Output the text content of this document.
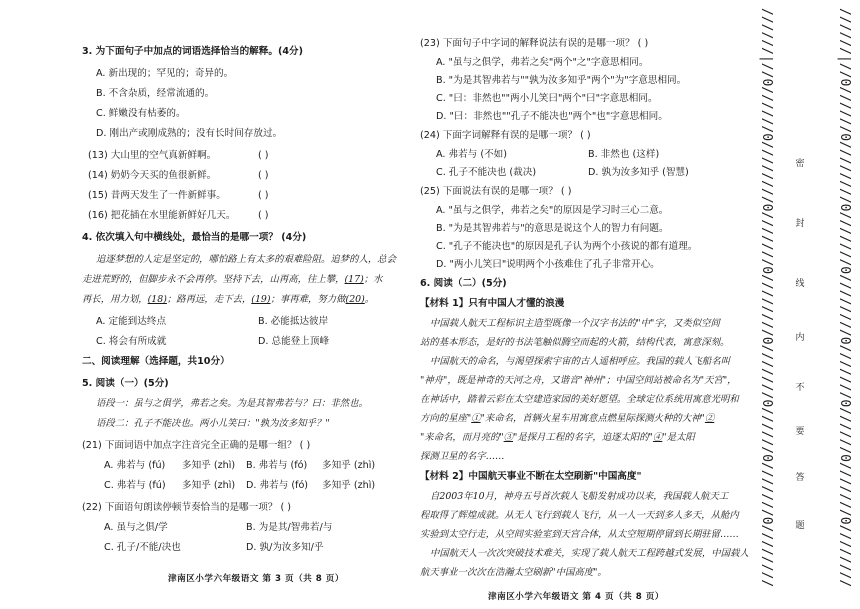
3. 为下面句子中加点的词语选择恰当的解释。(4分)
A. 新出现的；罕见的；奇异的。
B. 不含杂质，经常流通的。
C. 鲜嫩没有枯萎的。
D. 刚出产或刚成熟的；没有长时间存放过。
(13) 大山里的空气真新鲜啊。	( )
(14) 奶奶今天买的鱼很新鲜。	( )
(15) 昔两天发生了一件新鲜事。	( )
(16) 把花插在水里能新鲜好几天。 ( )
4. 依次填入句中横线处，最恰当的是哪一项？ (4分)
追逐梦想的人定是坚定的，哪怕路上有太多的艰难险阻。追梦的人，总会
走进荒野的，但脚步永不会再停。坚持下去，山再高，往上攀，(17)；水
再长，用力划，(18)；路再远，走下去，(19)；事再难，努力做(20)。
A. 定能到达终点	B. 必能抵达彼岸
C. 将会有所成就	D. 总能登上顶峰
二、阅读理解（选择题，共10分）
5. 阅读（一）(5分)
语段一：虽与之俱学，弗若之矣。为是其智弗若与？曰：非然也。
语段二：孔子不能决也。两小儿笑曰："孰为汝多知乎？"
(21) 下面词语中加点字注音完全正确的是哪一组？ ( )
A. 弗若与 (fú) 多知乎 (zhì) B. 弗若与 (fó) 多知乎 (zhì)
C. 弗若与 (fú) 多知乎 (zhì) D. 弗若与 (fó) 多知乎 (zhì)
(22) 下面语句朗读停顿节奏恰当的是哪一项？ ( )
A. 虽与之俱/学	B. 为是其/智弗若/与
C. 孔子/不能/决也	D. 孰/为汝多知/乎
津南区小学六年级语文 第 3 页（共 8 页）
(23) 下面句子中字词的解释说法有误的是哪一项？ ( )
A. "虽与之俱学，弗若之矣"两个"之"字意思相同。
B. "为是其智弗若与""孰为汝多知乎"两个"为"字意思相同。
C. "曰：非然也""两小儿笑曰"两个"曰"字意思相同。
D. "曰：非然也""孔子不能决也"两个"也"字意思相同。
(24) 下面字词解释有误的是哪一项？ ( )
A. 弗若与 (不如)	B. 非然也 (这样)
C. 孔子不能决也 (裁决)	D. 孰为汝多知乎 (智慧)
(25) 下面说法有误的是哪一项？ ( )
A. "虽与之俱学，弗若之矣"的原因是学习时三心二意。
B. "为是其智弗若与"的意思是说这个人的智力有问题。
C. "孔子不能决也"的原因是孔子认为两个小孩说的都有道理。
D. "两小儿笑曰"说明两个小孩难住了孔子非常开心。
6. 阅读（二）(5分)
【材料 1】只有中国人才懂的浪漫
中国载人航天工程标识主造型既像一个汉字书法的"中"字，又类似空间
站的基本形态，是好的书法笔触似腾空而起的火箭，结构代表，寓意深刻。
中国航天的命名，与渴望探索宇宙的古人遥相呼应。我国的载人飞船名叫
"神舟"，既是神奇的天河之舟，又谐音"神州"；中国空间站被命名为"天宫"，
在神话中，踏着云彩在太空建造家园的美好愿望。全球定位系统用寓意光明和
方向的星座"①"来命名，首辆火星车用寓意点燃星际探测火种的大神"②
"来命名，而月亮的"③"是探月工程的名字，追逐太阳的"④"是太阳
探测卫星的名字……
【材料 2】中国航天事业不断在太空刷新"中国高度"
自2003年10月，神舟五号首次载人飞船发射成功以来，我国载人航天工
程取得了辉煌成就。从无人飞行到载人飞行，从一人一天到多人多天，从舱内
实验到太空行走，从空间实验室到天宫合体，从太空短期停留到长期驻留……
中国航天人一次次突破技术难关，实现了载人航天工程跨越式发展，中国载人
航天事业一次次在浩瀚太空刷新"中国高度"。
津南区小学六年级语文 第 4 页（共 8 页）
//////|//0//////0////////0///////0////////0///////0//////0///////0////////	密
封
线
内
不
要
答
题	//////|//0//////0////////0///////0////////0///////0//////0///////0////////
